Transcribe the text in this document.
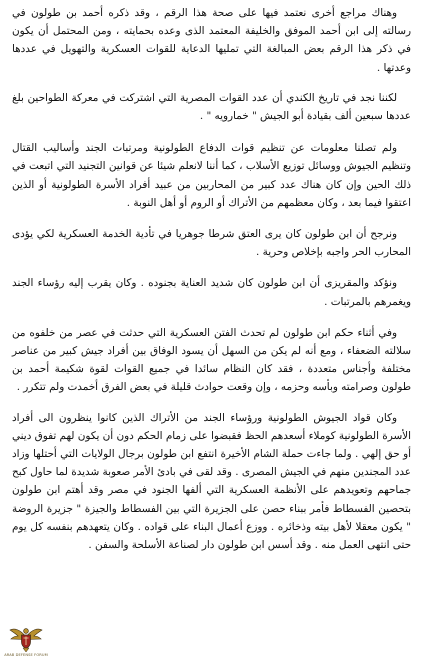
وهناك مراجع أخرى نعتمد فيها على صحة هذا الرقم ، وقد ذكره أحمد بن طولون في رسالته إلى ابن أحمد الموفق والخليفة المعتمد الذى وعده بحمايته ، ومن المحتمل أن يكون في ذكر هذا الرقم بعض المبالغة التي تمليها الدعاية للقوات العسكرية والتهويل في عددها وعدتها .

لكننا نجد في تاريخ الكندي أن عدد القوات المصرية التي اشتركت في معركة الطواحين بلغ عددها سبعين ألف بقيادة أبو الجيش " خمارويه " .

ولم تصلنا معلومات عن تنظيم قوات الدفاع الطولونية ومرتبات الجند وأساليب القتال وتنظيم الجيوش ووسائل توزيع الأسلاب ، كما أننا لانعلم شيئا عن قوانين التجنيد التي اتبعت في ذلك الحين وإن كان هناك عدد كبير من المحاربين من عبيد أفراد الأسرة الطولونية أو الذين اعتقوا فيما بعد ، وكان معظمهم من الأتراك أو الروم أو أهل النوبة .

ونرجح أن ابن طولون كان يرى العتق شرطا جوهريا في تأدية الخدمة العسكرية لكي يؤدى المحارب الحر واجبه بإخلاص وحرية .

ونؤكد والمقريزى أن ابن طولون كان شديد العناية بجنوده . وكان يقرب إليه رؤساء الجند ويغمرهم بالمرتبات .

وفي أثناء حكم ابن طولون لم تحدث الفتن العسكرية التي حدثت في عصر من خلفوه من سلالته الضعفاء ، ومع أنه لم يكن من السهل أن يسود الوفاق بين أفراد جيش كبير من عناصر مختلفة وأجناس متعددة ، فقد كان النظام سائدا في جميع القوات لقوة شكيمة أحمد بن طولون وصرامته وبأسه وحزمه ، وإن وقعت حوادث قليلة في بعض الفرق أخمدت ولم تتكرر .

وكان قواد الجيوش الطولونية ورؤساء الجند من الأتراك الذين كانوا ينظرون الى أفراد الأسرة الطولونية كوملاء أسعدهم الحظ فقبضوا على زمام الحكم دون أن يكون لهم تفوق ديني أو حق إلهي . ولما جاءت حملة الشام الأخيرة انتفع ابن طولون برجال الولايات التي أحتلها وزاد عدد المجندين منهم في الجيش المصرى . وقد لقى في بادئ الأمر صعوبة شديدة لما حاول كبح جماحهم وتعويدهم على الأنظمة العسكرية التي ألفها الجنود في مصر وقد أهتم ابن طولون بتحصين الفسطاط فأمر ببناء حصن على الجزيرة التي بين الفسطاط والجيزة " جزيرة الروضة " يكون معقلا لأهل بيته وذخائره . ووزع أعمال البناء على قواده . وكان يتعهدهم بنفسه كل يوم حتى انتهى العمل منه . وقد أسس ابن طولون دار لصناعة الأسلحة والسفن .

ARAB DEFENSE FORUM
